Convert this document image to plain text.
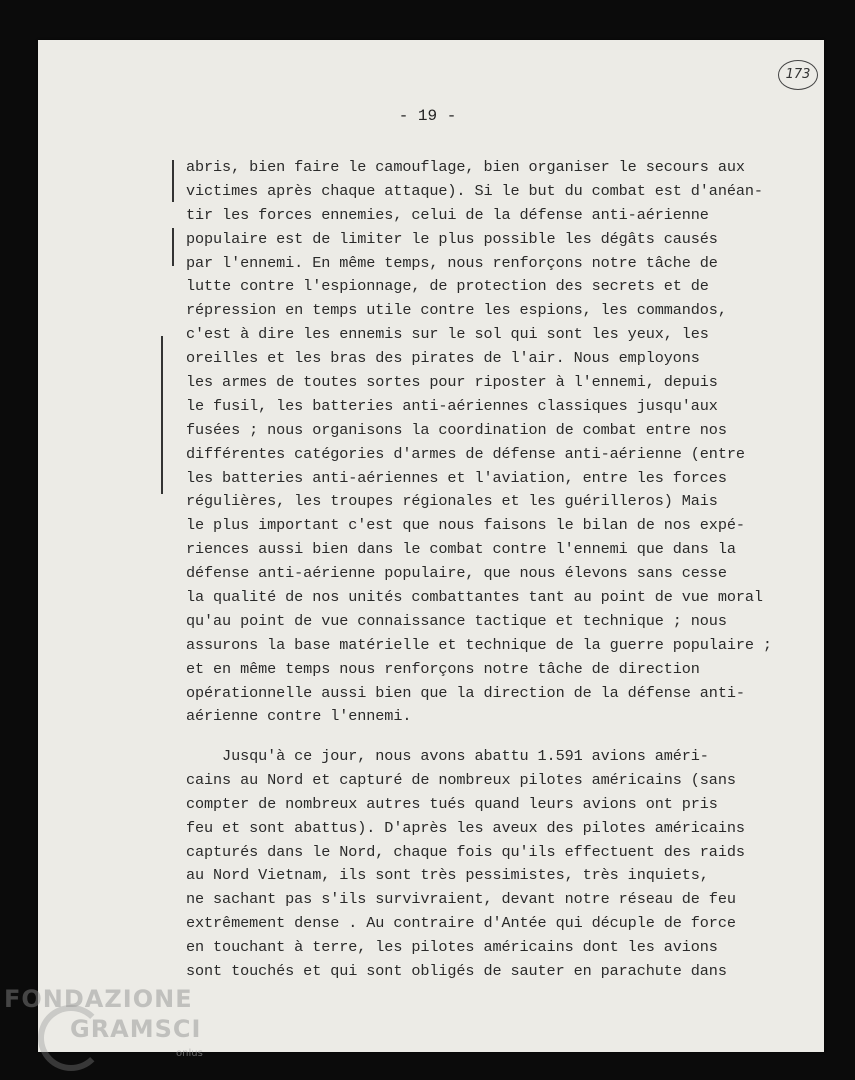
173
- 19 -
abris, bien faire le camouflage, bien organiser le secours aux
victimes après chaque attaque). Si le but du combat est d'anéan-
tir les forces ennemies, celui de la défense anti-aérienne
populaire est de limiter le plus possible les dégâts causés
par l'ennemi. En même temps, nous renforçons notre tâche de
lutte contre l'espionnage, de protection des secrets et de
répression en temps utile contre les espions, les commandos,
c'est à dire les ennemis sur le sol qui sont les yeux, les
oreilles et les bras des pirates de l'air. Nous employons
les armes de toutes sortes pour riposter à l'ennemi, depuis
le fusil, les batteries anti-aériennes classiques jusqu'aux
fusées ; nous organisons la coordination de combat entre nos
différentes catégories d'armes de défense anti-aérienne (entre
les batteries anti-aériennes et l'aviation, entre les forces
régulières, les troupes régionales et les guérilleros) Mais
le plus important c'est que nous faisons le bilan de nos expé-
riences aussi bien dans le combat contre l'ennemi que dans la
défense anti-aérienne populaire, que nous élevons sans cesse
la qualité de nos unités combattantes tant au point de vue moral
qu'au point de vue connaissance tactique et technique ; nous
assurons la base matérielle et technique de la guerre populaire ;
et en même temps nous renforçons notre tâche de direction
opérationnelle aussi bien que la direction de la défense anti-
aérienne contre l'ennemi.
Jusqu'à ce jour, nous avons abattu 1.591 avions améri-
cains au Nord et capturé de nombreux pilotes américains (sans
compter de nombreux autres tués quand leurs avions ont pris
feu et sont abattus). D'après les aveux des pilotes américains
capturés dans le Nord, chaque fois qu'ils effectuent des raids
au Nord Vietnam, ils sont très pessimistes, très inquiets,
ne sachant pas s'ils survivraient, devant notre réseau de feu
extrêmement dense . Au contraire d'Antée qui décuple de force
en touchant à terre, les pilotes américains dont les avions
sont touchés et qui sont obligés de sauter en parachute dans
FONDAZIONE
GRAMSCI
onlus
